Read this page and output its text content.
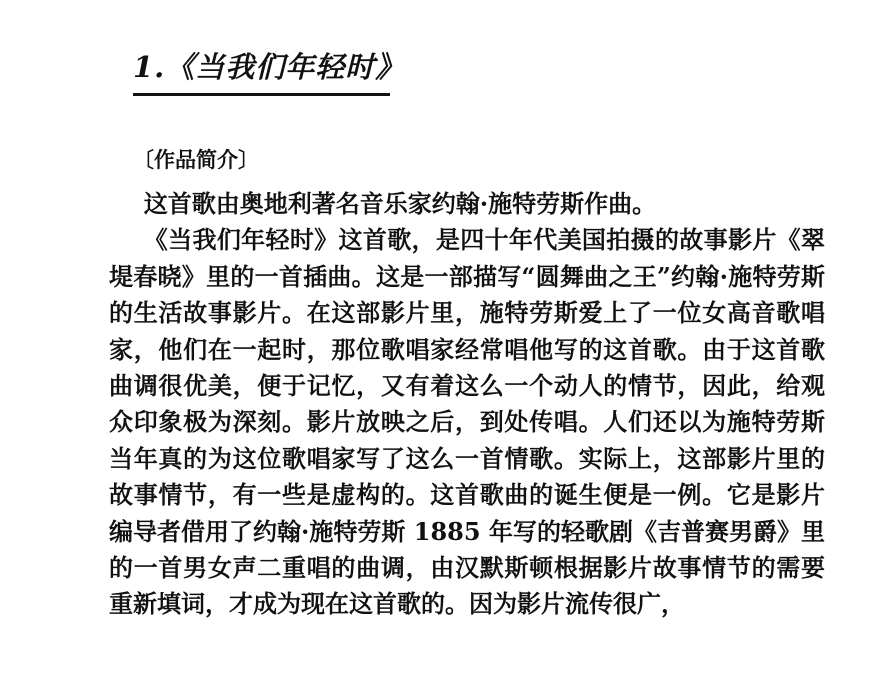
1.《当我们年轻时》
〔作品简介〕

这首歌由奥地利著名音乐家约翰·施特劳斯作曲。

《当我们年轻时》这首歌，是四十年代美国拍摄的故事影片《翠堤春晓》里的一首插曲。这是一部描写“圆舞曲之王”约翰·施特劳斯的生活故事影片。在这部影片里，施特劳斯爱上了一位女高音歌唱家，他们在一起时，那位歌唱家经常唱他写的这首歌。由于这首歌曲调很优美，便于记忆，又有着这么一个动人的情节，因此，给观众印象极为深刻。影片放映之后，到处传唱。人们还以为施特劳斯当年真的为这位歌唱家写了这么一首情歌。实际上，这部影片里的故事情节，有一些是虚构的。这首歌曲的诞生便是一例。它是影片编导者借用了约翰·施特劳斯 1885 年写的轻歌剧《吉普赛男爵》里的一首男女声二重唱的曲调，由汉默斯顿根据影片故事情节的需要重新填词，才成为现在这首歌的。因为影片流传很广，
